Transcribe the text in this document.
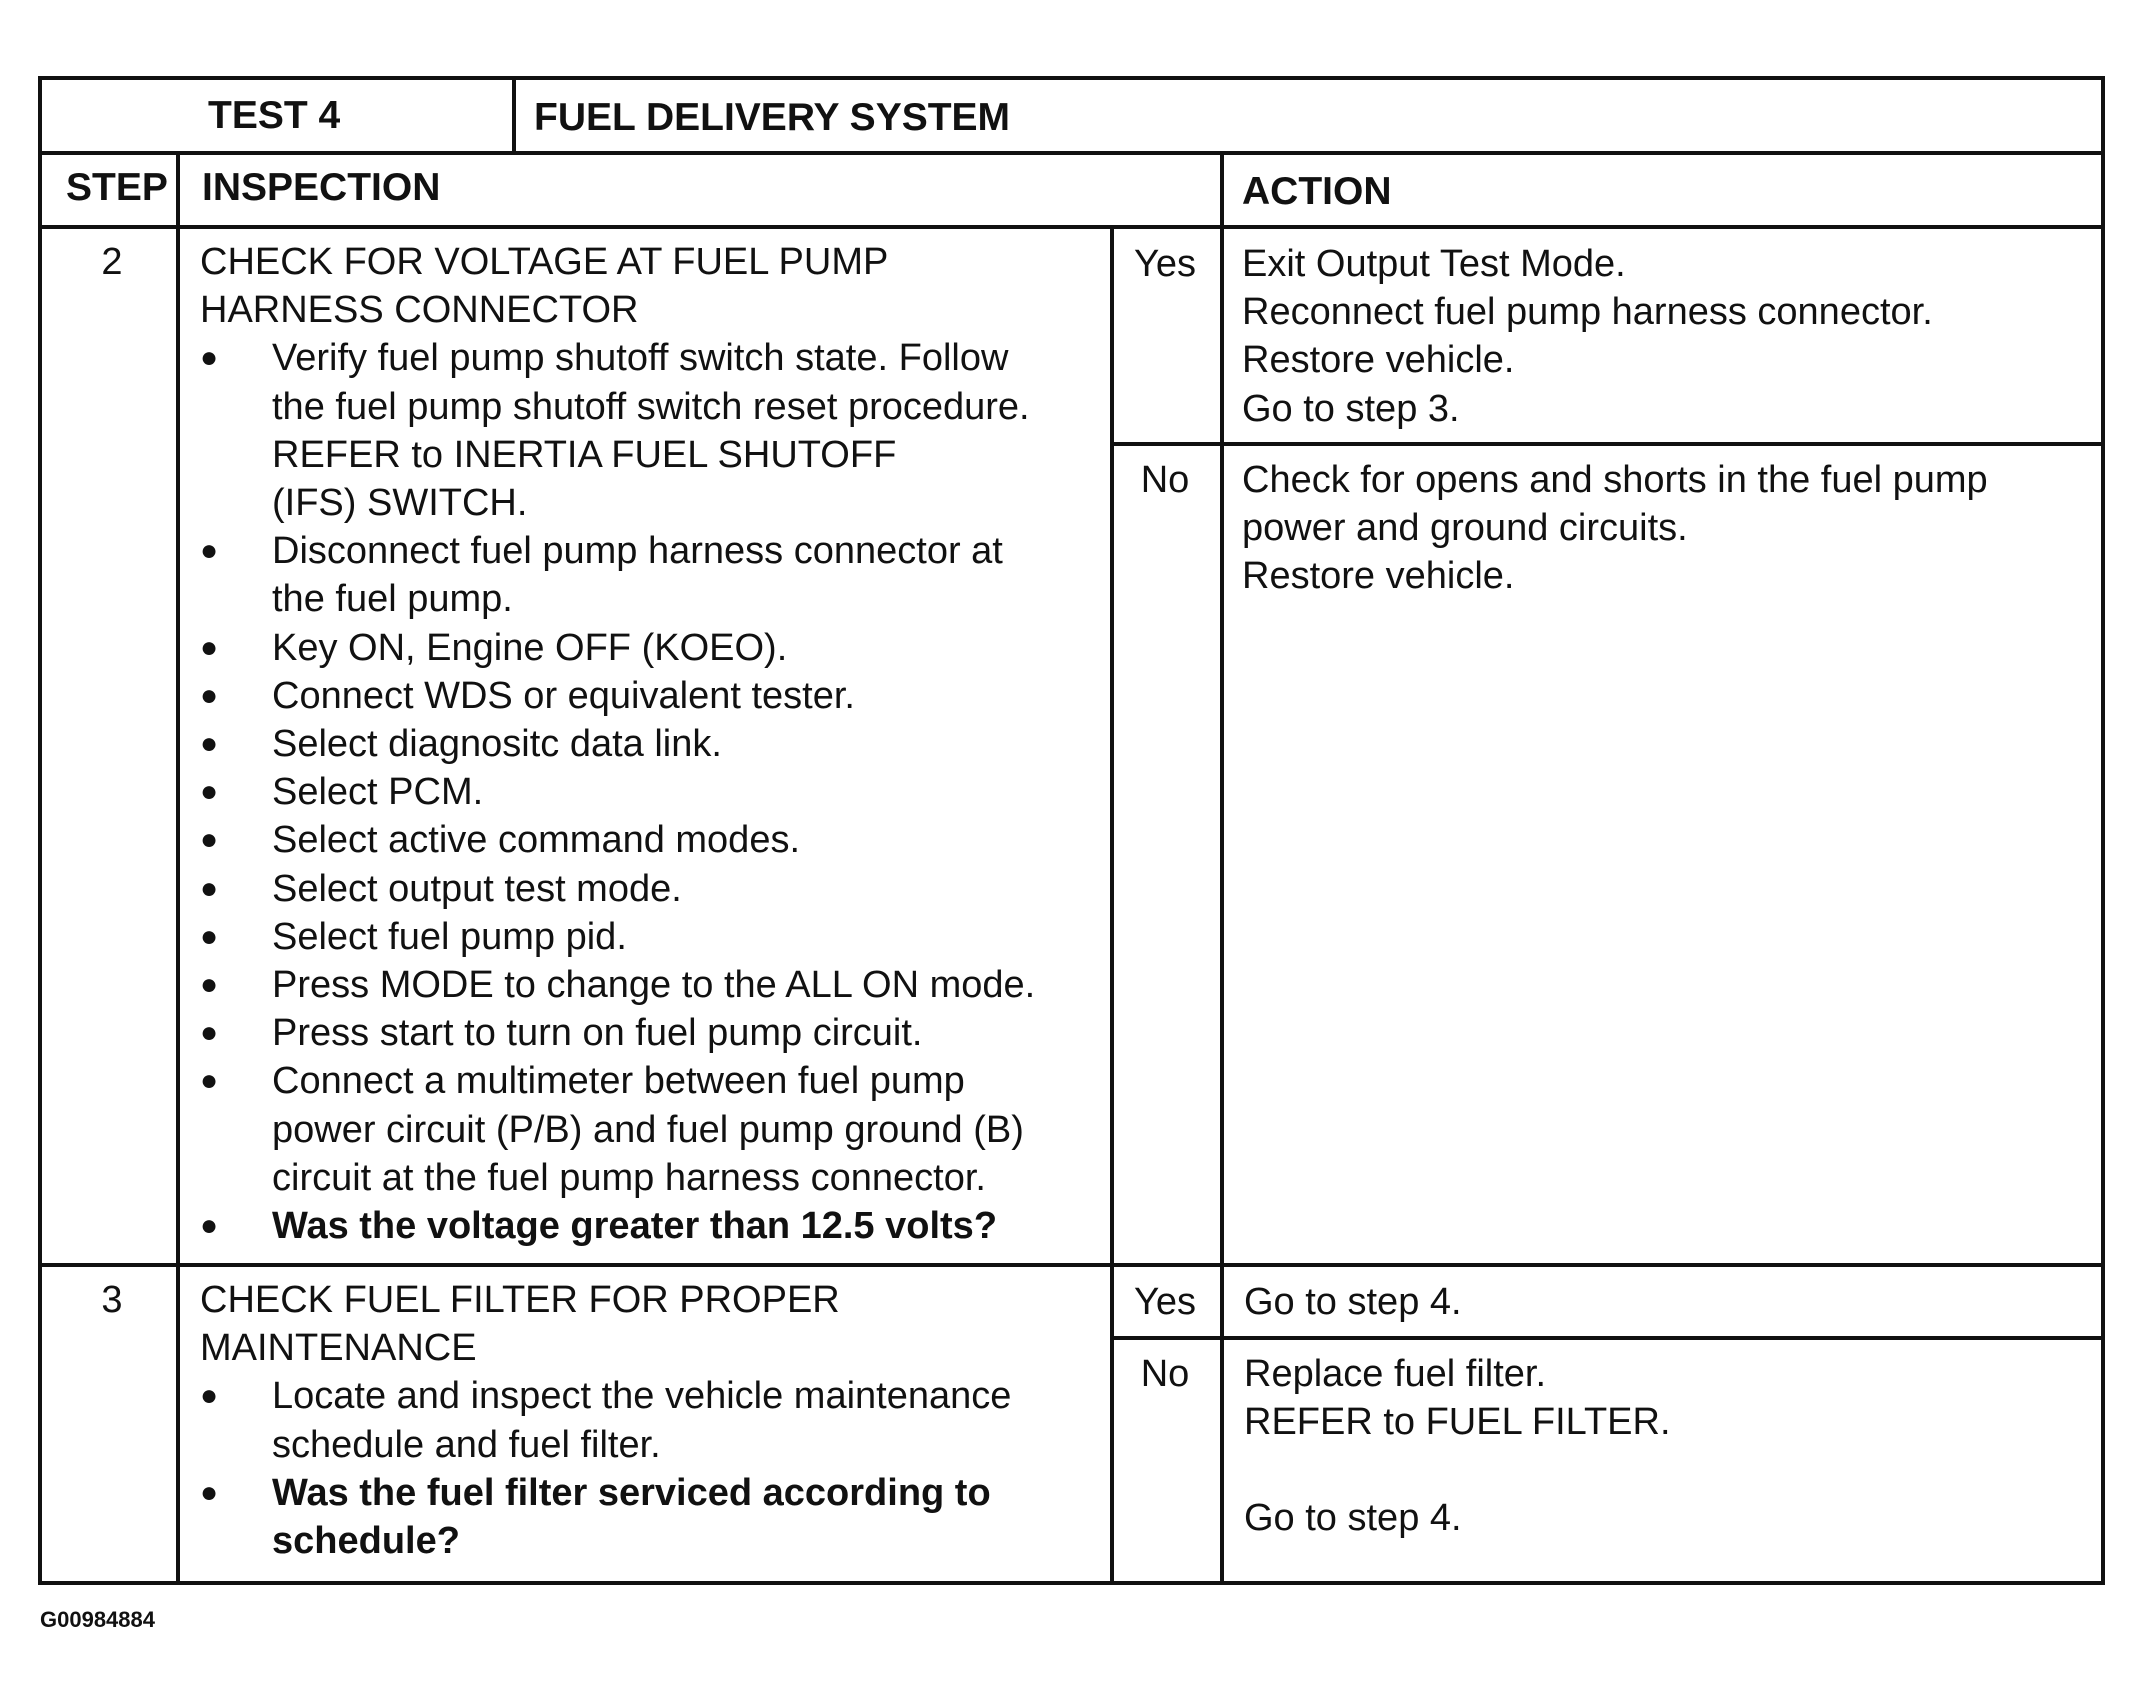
TEST 4	FUEL DELIVERY SYSTEM
STEP INSPECTION	ACTION
2	CHECK FOR VOLTAGE AT FUEL PUMP
HARNESS CONNECTOR
●	Verify fuel pump shutoff switch state. Follow
the fuel pump shutoff switch reset procedure.
REFER to INERTIA FUEL SHUTOFF
(IFS) SWITCH.
●	Disconnect fuel pump harness connector at
the fuel pump.
●	Key ON, Engine OFF (KOEO).
●	Connect WDS or equivalent tester.
●	Select diagnositc data link.
●	Select PCM.
●	Select active command modes.
●	Select output test mode.
●	Select fuel pump pid.
●	Press MODE to change to the ALL ON mode.
●	Press start to turn on fuel pump circuit.
●	Connect a multimeter between fuel pump
power circuit (P/B) and fuel pump ground (B)
circuit at the fuel pump harness connector.
●	Was the voltage greater than 12.5 volts?
Yes	Exit Output Test Mode.
Reconnect fuel pump harness connector.
Restore vehicle.
Go to step 3.
No	Check for opens and shorts in the fuel pump
power and ground circuits.
Restore vehicle.
3	CHECK FUEL FILTER FOR PROPER
MAINTENANCE
●	Locate and inspect the vehicle maintenance
schedule and fuel filter.
●	Was the fuel filter serviced according to
schedule?
Yes	Go to step 4.
No	Replace fuel filter.
REFER to FUEL FILTER.
Go to step 4.
G00984884
